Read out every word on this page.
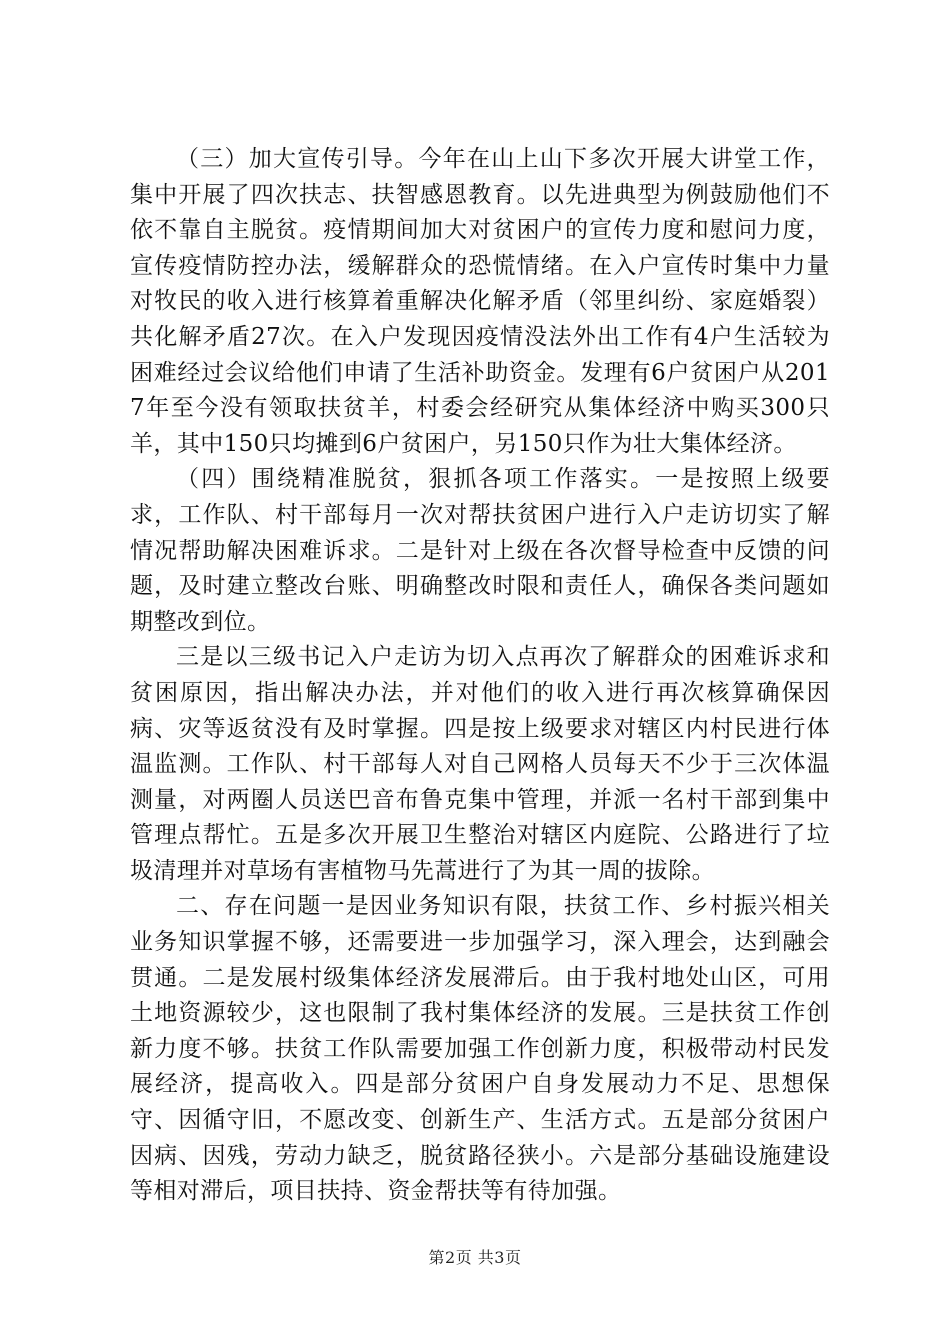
（三）加大宣传引导。今年在山上山下多次开展大讲堂工作，集中开展了四次扶志、扶智感恩教育。以先进典型为例鼓励他们不依不靠自主脱贫。疫情期间加大对贫困户的宣传力度和慰问力度，宣传疫情防控办法，缓解群众的恐慌情绪。在入户宣传时集中力量对牧民的收入进行核算着重解决化解矛盾（邻里纠纷、家庭婚裂）共化解矛盾27次。在入户发现因疫情没法外出工作有4户生活较为困难经过会议给他们申请了生活补助资金。发理有6户贫困户从2017年至今没有领取扶贫羊，村委会经研究从集体经济中购买300只羊，其中150只均摊到6户贫困户，另150只作为壮大集体经济。

（四）围绕精准脱贫，狠抓各项工作落实。一是按照上级要求，工作队、村干部每月一次对帮扶贫困户进行入户走访切实了解情况帮助解决困难诉求。二是针对上级在各次督导检查中反馈的问题，及时建立整改台账、明确整改时限和责任人，确保各类问题如期整改到位。

三是以三级书记入户走访为切入点再次了解群众的困难诉求和贫困原因，指出解决办法，并对他们的收入进行再次核算确保因病、灾等返贫没有及时掌握。四是按上级要求对辖区内村民进行体温监测。工作队、村干部每人对自己网格人员每天不少于三次体温测量，对两圈人员送巴音布鲁克集中管理，并派一名村干部到集中管理点帮忙。五是多次开展卫生整治对辖区内庭院、公路进行了垃圾清理并对草场有害植物马先蒿进行了为其一周的拔除。

二、存在问题一是因业务知识有限，扶贫工作、乡村振兴相关业务知识掌握不够，还需要进一步加强学习，深入理会，达到融会贯通。二是发展村级集体经济发展滞后。由于我村地处山区，可用土地资源较少，这也限制了我村集体经济的发展。三是扶贫工作创新力度不够。扶贫工作队需要加强工作创新力度，积极带动村民发展经济，提高收入。四是部分贫困户自身发展动力不足、思想保守、因循守旧，不愿改变、创新生产、生活方式。五是部分贫困户因病、因残，劳动力缺乏，脱贫路径狭小。六是部分基础设施建设等相对滞后，项目扶持、资金帮扶等有待加强。

第2页 共3页
